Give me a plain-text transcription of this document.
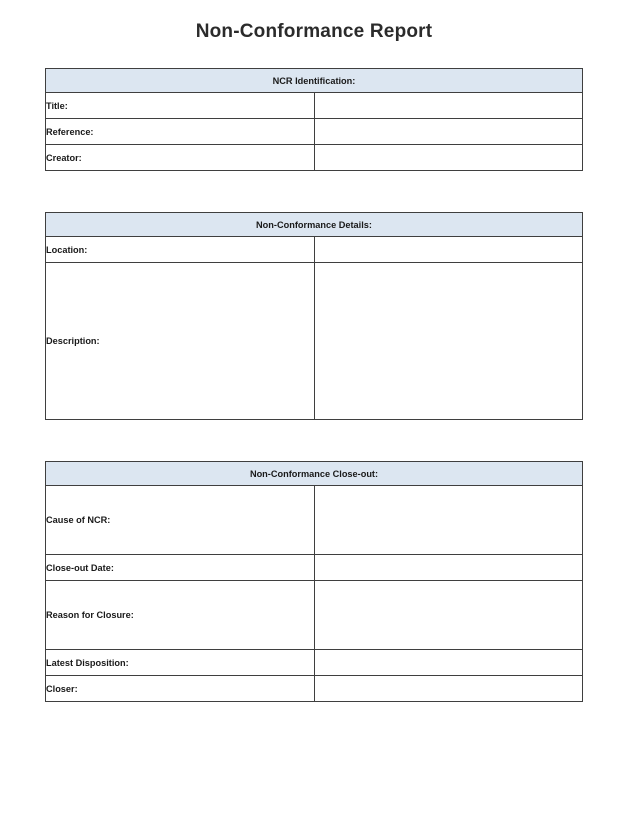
Non-Conformance Report
NCR Identification:	
Title:	
Reference:	
Creator:	
Non-Conformance Details:	
Location:	
Description:	
Non-Conformance Close-out:	
Cause of NCR:	
Close-out Date:	
Reason for Closure:	
Latest Disposition:	
Closer:	
